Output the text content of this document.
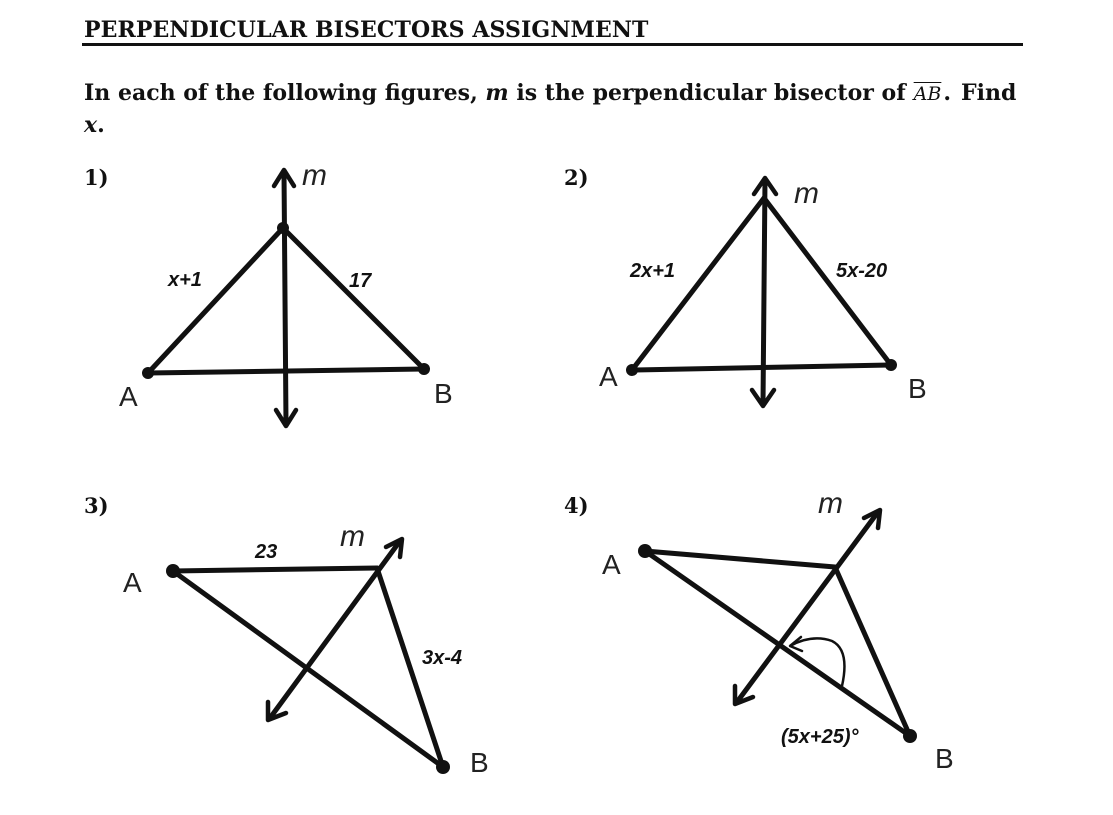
PERPENDICULAR BISECTORS ASSIGNMENT

In each of the following figures, m is the perpendicular bisector of $\overline{AB}$. Find
x.

1)	2)
3)	4)
m
x+1	17
A	B
m
2x+1	5x-20
A	B
m
23
3x-4
A
B
m
(5x+25)°
A
B
